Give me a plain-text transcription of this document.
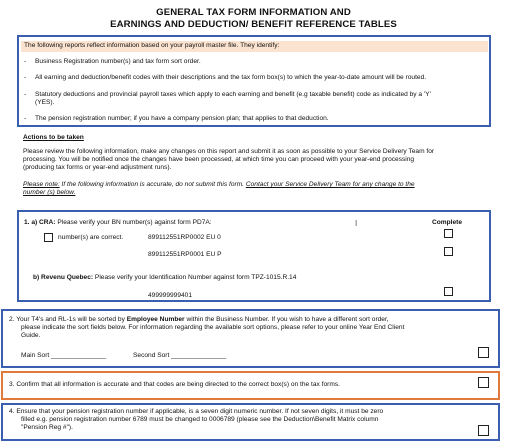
GENERAL TAX FORM INFORMATION AND
EARNINGS AND DEDUCTION/ BENEFIT REFERENCE TABLES
The following reports reflect information based on your payroll master file. They identify:
- Business Registration number(s) and tax form sort order.
- All earning and deduction/benefit codes with their descriptions and the tax form box(s) to which the year-to-date amount will be routed.
- Statutory deductions and provincial payroll taxes which apply to each earning and benefit (e.g taxable benefit) code as indicated by a 'Y'
(YES).
- The pension registration number; if you have a company pension plan; that applies to that deduction.
Actions to be taken
Please review the following information, make any changes on this report and submit it as soon as possible to your Service Delivery Team for
processing. You will be notified once the changes have been processed, at which time you can proceed with your year-end processing
(producing tax forms or year-end adjustment runs).
Please note: If the following information is accurate, do not submit this form. Contact your Service Delivery Team for any change to the
number (s) below.
Complete
1. a) CRA: Please verify your BN number(s) against form PD7A:	I
number(s) are correct.	899112551RP0002 EU 0
899112551RP0001 EU P
b) Revenu Quebec: Please verify your Identification Number against form TPZ-1015.R.14
499999999401
2. Your T4's and RL-1s will be sorted by Employee Number within the Business Number. If you wish to have a different sort order,
please indicate the sort fields below. For information regarding the available sort options, please refer to your online Year End Client
Guide.
Main Sort _______________	Second Sort _______________
3. Confirm that all information is accurate and that codes are being directed to the correct box(s) on the tax forms.
4. Ensure that your pension registration number if applicable, is a seven digit numeric number. If not seven digits, it must be zero
filled e.g. pension registration number 6789 must be changed to 0006789 (please see the Deduction\Benefit Matrix column
"Pension Reg #").
